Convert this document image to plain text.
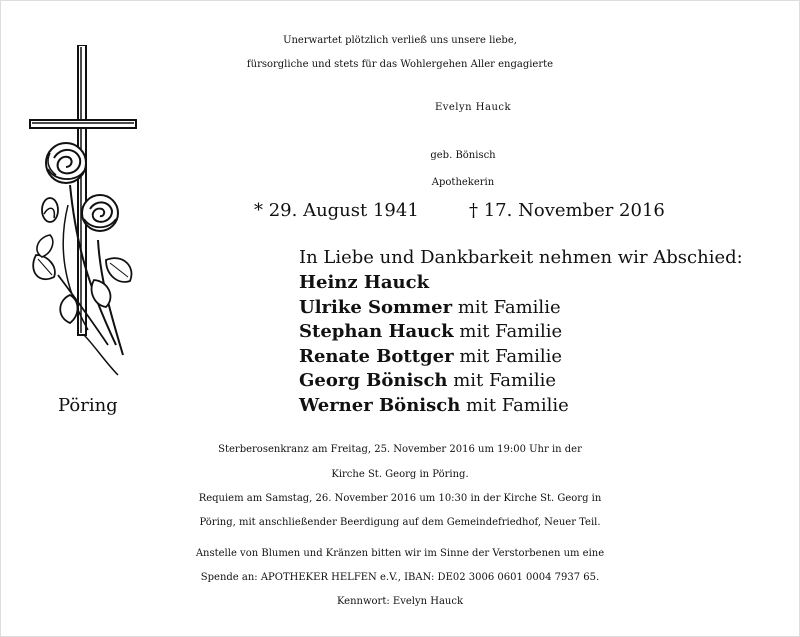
Unerwartet plötzlich verließ uns unsere liebe,
fürsorgliche und stets für das Wohlergehen Aller engagierte
Evelyn Hauck
geb. Bönisch
Apothekerin
* 29. August 1941	† 17. November 2016
Pöring
In Liebe und Dankbarkeit nehmen wir Abschied:
Heinz Hauck
Ulrike Sommer mit Familie
Stephan Hauck mit Familie
Renate Bottger mit Familie
Georg Bönisch mit Familie
Werner Bönisch mit Familie
Sterberosenkranz am Freitag, 25. November 2016 um 19:00 Uhr in der
Kirche St. Georg in Pöring.
Requiem am Samstag, 26. November 2016 um 10:30 in der Kirche St. Georg in
Pöring, mit anschließender Beerdigung auf dem Gemeindefriedhof, Neuer Teil.
Anstelle von Blumen und Kränzen bitten wir im Sinne der Verstorbenen um eine
Spende an: APOTHEKER HELFEN e.V., IBAN: DE02 3006 0601 0004 7937 65.
Kennwort: Evelyn Hauck
